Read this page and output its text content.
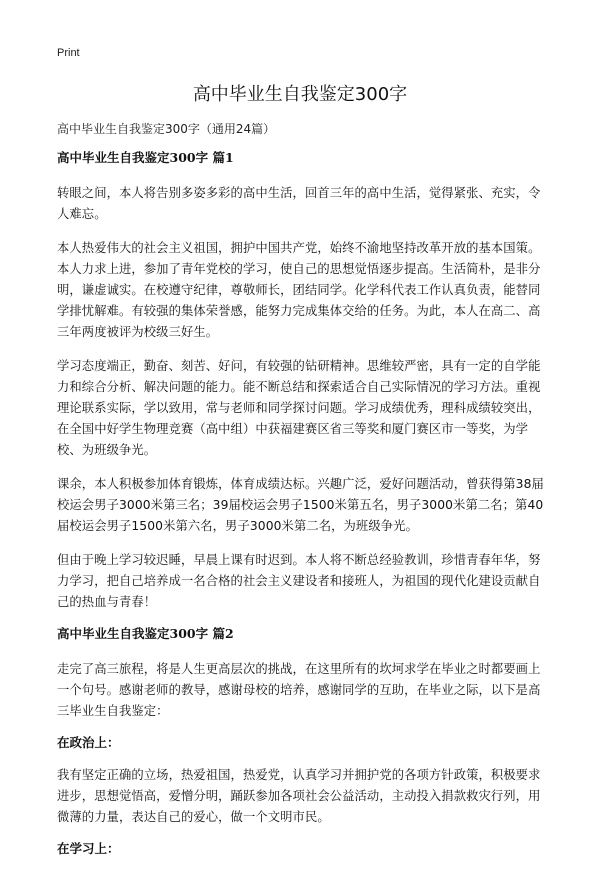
Print
高中毕业生自我鉴定300字
高中毕业生自我鉴定300字（通用24篇）
高中毕业生自我鉴定300字 篇1

转眼之间，本人将告别多姿多彩的高中生活，回首三年的高中生活，觉得紧张、充实，令人难忘。

本人热爱伟大的社会主义祖国，拥护中国共产党，始终不渝地坚持改革开放的基本国策。本人力求上进，参加了青年党校的学习，使自己的思想觉悟逐步提高。生活简朴，是非分明，谦虚诚实。在校遵守纪律，尊敬师长，团结同学。化学科代表工作认真负责，能替同学排忧解难。有较强的集体荣誉感，能努力完成集体交给的任务。为此，本人在高二、高三年两度被评为校级三好生。

学习态度端正，勤奋、刻苦、好问，有较强的钻研精神。思维较严密，具有一定的自学能力和综合分析、解决问题的能力。能不断总结和探索适合自己实际情况的学习方法。重视理论联系实际，学以致用，常与老师和同学探讨问题。学习成绩优秀，理科成绩较突出，在全国中好学生物理竞赛（高中组）中获福建赛区省三等奖和厦门赛区市一等奖，为学校、为班级争光。

课余，本人积极参加体育锻炼，体育成绩达标。兴趣广泛，爱好问题活动，曾获得第38届校运会男子3000米第三名；39届校运会男子1500米第五名，男子3000米第二名；第40届校运会男子1500米第六名，男子3000米第二名，为班级争光。

但由于晚上学习较迟睡，早晨上课有时迟到。本人将不断总经验教训，珍惜青春年华，努力学习，把自己培养成一名合格的社会主义建设者和接班人，为祖国的现代化建设贡献自己的热血与青春！

高中毕业生自我鉴定300字 篇2

走完了高三旅程，将是人生更高层次的挑战，在这里所有的坎坷求学在毕业之时都要画上一个句号。感谢老师的教导，感谢母校的培养，感谢同学的互助，在毕业之际，以下是高三毕业生自我鉴定：

在政治上：

我有坚定正确的立场，热爱祖国，热爱党，认真学习并拥护党的各项方针政策，积极要求进步，思想觉悟高，爱憎分明，踊跃参加各项社会公益活动，主动投入捐款救灾行列，用微薄的力量，表达自己的爱心，做一个文明市民。

在学习上：
